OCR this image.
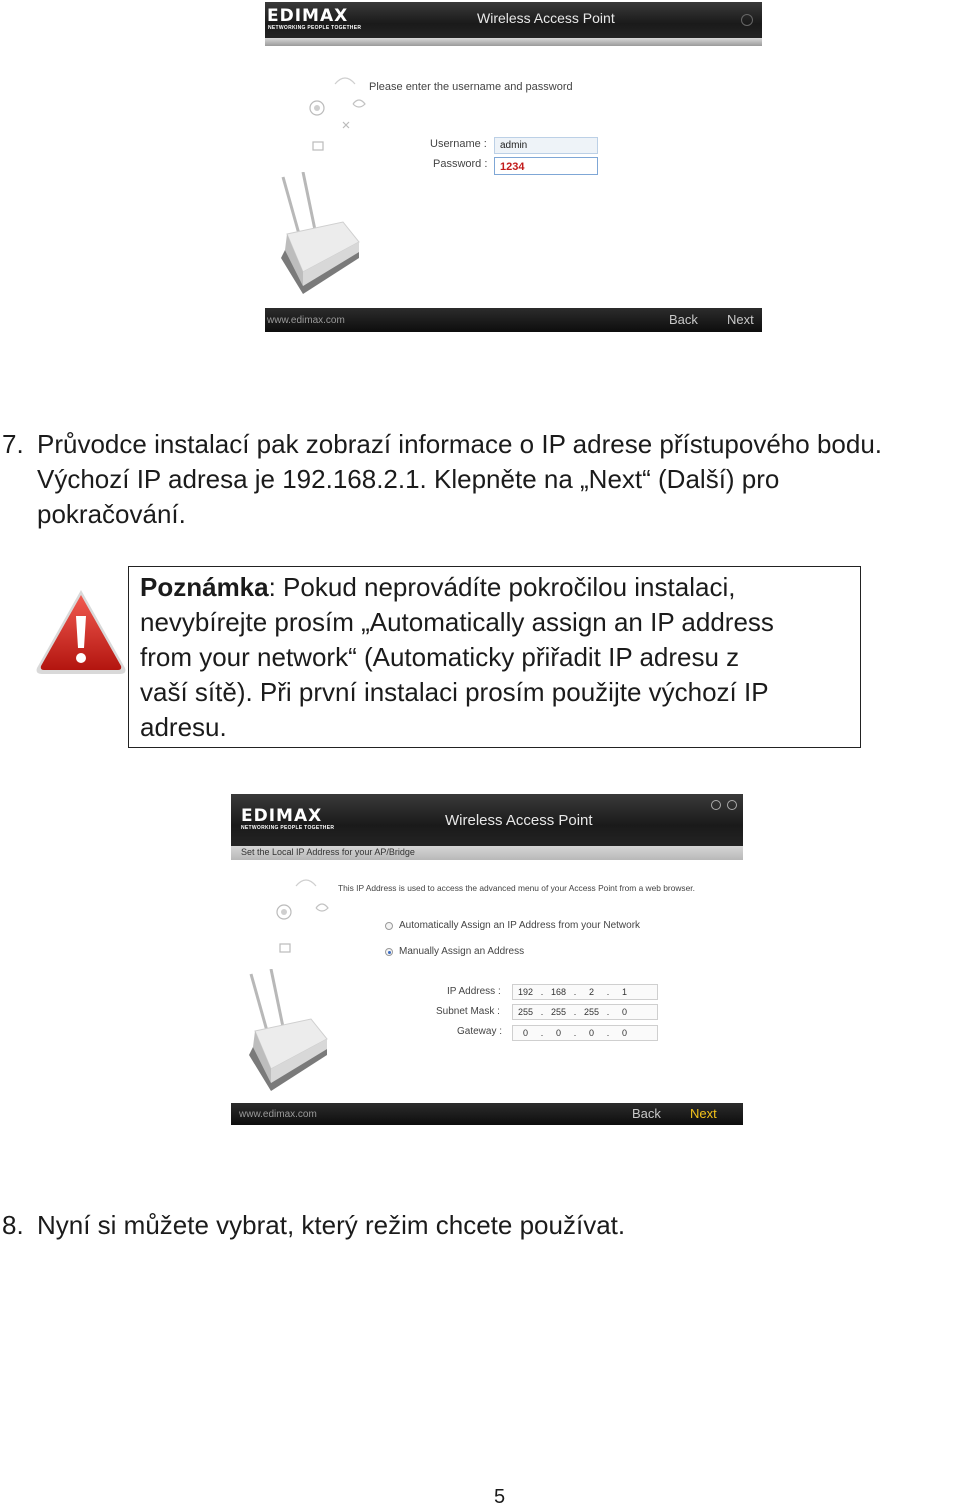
EDIMAX
NETWORKING PEOPLE TOGETHER
Wireless Access Point
Please enter the username and password
Username :	admin
Password :	1234
www.edimax.com	Back Next
7. Průvodce instalací pak zobrazí informace o IP adrese přístupového bodu.
Výchozí IP adresa je 192.168.2.1. Klepněte na „Next“ (Další) pro
pokračování.
Poznámka: Pokud neprovádíte pokročilou instalaci,
nevybírejte prosím „Automatically assign an IP address
from your network“ (Automaticky přiřadit IP adresu z
vaší sítě). Při první instalaci prosím použijte výchozí IP
adresu.
EDIMAX
NETWORKING PEOPLE TOGETHER	Wireless Access Point
Set the Local IP Address for your AP/Bridge
This IP Address is used to access the advanced menu of your Access Point from a web browser.
Automatically Assign an IP Address from your Network
Manually Assign an Address
IP Address :	192 . 168 .	2	.	1
Subnet Mask :	255 . 255 . 255 .	0
Gateway :	0	.	0	.	0	.	0
www.edimax.com	Back Next
8. Nyní si můžete vybrat, který režim chcete používat.
5
